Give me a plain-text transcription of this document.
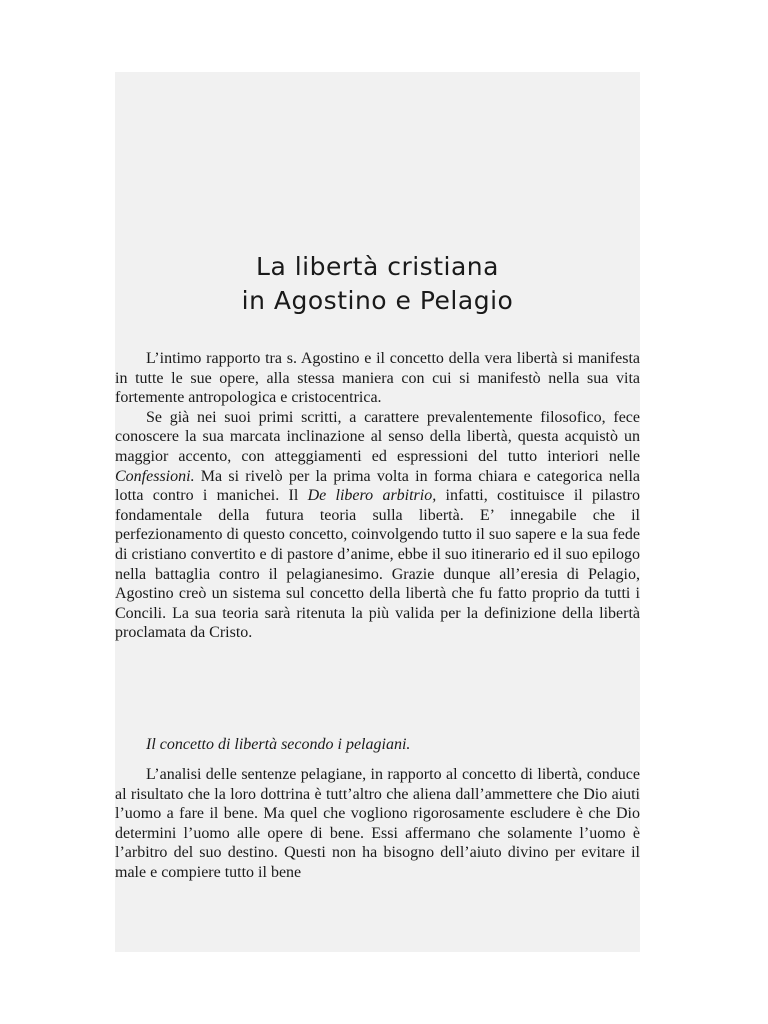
La libertà cristiana
in Agostino e Pelagio

L’intimo rapporto tra s. Agostino e il concetto della vera libertà si manifesta in tutte le sue opere, alla stessa maniera con cui si manifestò nella sua vita fortemente antropologica e cristocentrica.

Se già nei suoi primi scritti, a carattere prevalentemente filosofico, fece conoscere la sua marcata inclinazione al senso della libertà, questa acquistò un maggior accento, con atteggiamenti ed espressioni del tutto interiori nelle Confessioni. Ma si rivelò per la prima volta in forma chiara e categorica nella lotta contro i manichei. Il De libero arbitrio, infatti, costituisce il pilastro fondamentale della futura teoria sulla libertà. E’ innegabile che il perfezionamento di questo concetto, coinvolgendo tutto il suo sapere e la sua fede di cristiano convertito e di pastore d’anime, ebbe il suo itinerario ed il suo epilogo nella battaglia contro il pelagianesimo. Grazie dunque all’eresia di Pelagio, Agostino creò un sistema sul concetto della libertà che fu fatto proprio da tutti i Concili. La sua teoria sarà ritenuta la più valida per la definizione della libertà proclamata da Cristo.

Il concetto di libertà secondo i pelagiani.

L’analisi delle sentenze pelagiane, in rapporto al concetto di libertà, conduce al risultato che la loro dottrina è tutt’altro che aliena dall’ammettere che Dio aiuti l’uomo a fare il bene. Ma quel che vogliono rigorosamente escludere è che Dio determini l’uomo alle opere di bene. Essi affermano che solamente l’uomo è l’arbitro del suo destino. Questi non ha bisogno dell’aiuto divino per evitare il male e compiere tutto il bene
